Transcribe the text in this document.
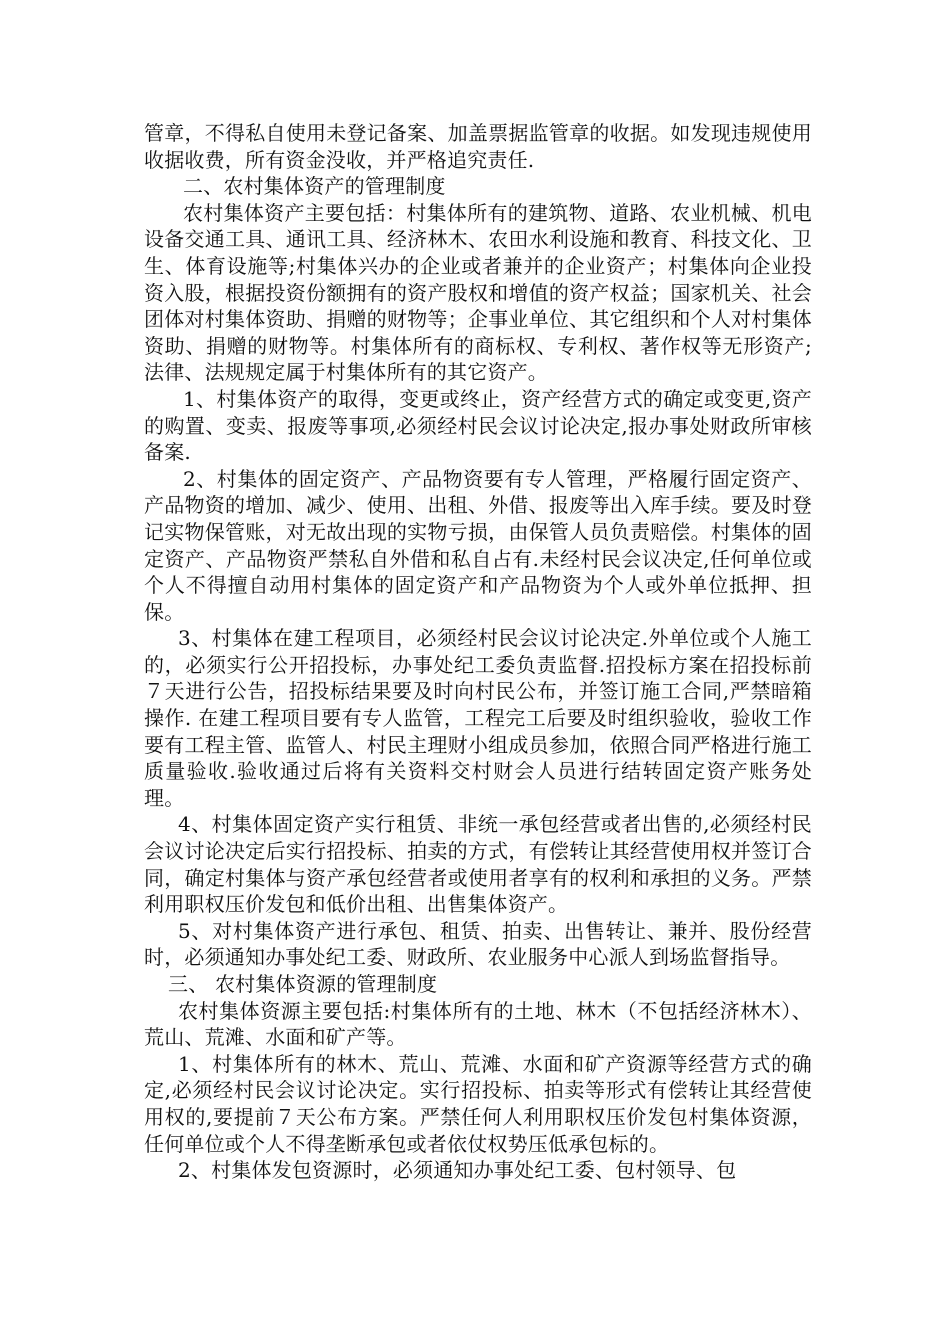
管章，不得私自使用未登记备案、加盖票据监管章的收据。如发现违规使用收据收费，所有资金没收，并严格追究责任.

二、农村集体资产的管理制度

农村集体资产主要包括：村集体所有的建筑物、道路、农业机械、机电设备交通工具、通讯工具、经济林木、农田水利设施和教育、科技文化、卫生、体育设施等;村集体兴办的企业或者兼并的企业资产；村集体向企业投资入股，根据投资份额拥有的资产股权和增值的资产权益；国家机关、社会团体对村集体资助、捐赠的财物等；企事业单位、其它组织和个人对村集体资助、捐赠的财物等。村集体所有的商标权、专利权、著作权等无形资产;法律、法规规定属于村集体所有的其它资产。

1、村集体资产的取得，变更或终止，资产经营方式的确定或变更,资产的购置、变卖、报废等事项,必须经村民会议讨论决定,报办事处财政所审核备案.

2、村集体的固定资产、产品物资要有专人管理，严格履行固定资产、产品物资的增加、减少、使用、出租、外借、报废等出入库手续。要及时登记实物保管账，对无故出现的实物亏损，由保管人员负责赔偿。村集体的固定资产、产品物资严禁私自外借和私自占有.未经村民会议决定,任何单位或个人不得擅自动用村集体的固定资产和产品物资为个人或外单位抵押、担保。

3、村集体在建工程项目，必须经村民会议讨论决定.外单位或个人施工的，必须实行公开招投标，办事处纪工委负责监督.招投标方案在招投标前７天进行公告，招投标结果要及时向村民公布，并签订施工合同,严禁暗箱操作. 在建工程项目要有专人监管，工程完工后要及时组织验收，验收工作要有工程主管、监管人、村民主理财小组成员参加，依照合同严格进行施工质量验收.验收通过后将有关资料交村财会人员进行结转固定资产账务处理。

4、村集体固定资产实行租赁、非统一承包经营或者出售的,必须经村民会议讨论决定后实行招投标、拍卖的方式，有偿转让其经营使用权并签订合同，确定村集体与资产承包经营者或使用者享有的权利和承担的义务。严禁利用职权压价发包和低价出租、出售集体资产。

5、对村集体资产进行承包、租赁、拍卖、出售转让、兼并、股份经营时，必须通知办事处纪工委、财政所、农业服务中心派人到场监督指导。

三、 农村集体资源的管理制度

农村集体资源主要包括:村集体所有的土地、林木（不包括经济林木）、荒山、荒滩、水面和矿产等。

1、村集体所有的林木、荒山、荒滩、水面和矿产资源等经营方式的确定,必须经村民会议讨论决定。实行招投标、拍卖等形式有偿转让其经营使用权的,要提前７天公布方案。严禁任何人利用职权压价发包村集体资源，任何单位或个人不得垄断承包或者依仗权势压低承包标的。

2、村集体发包资源时，必须通知办事处纪工委、包村领导、包
